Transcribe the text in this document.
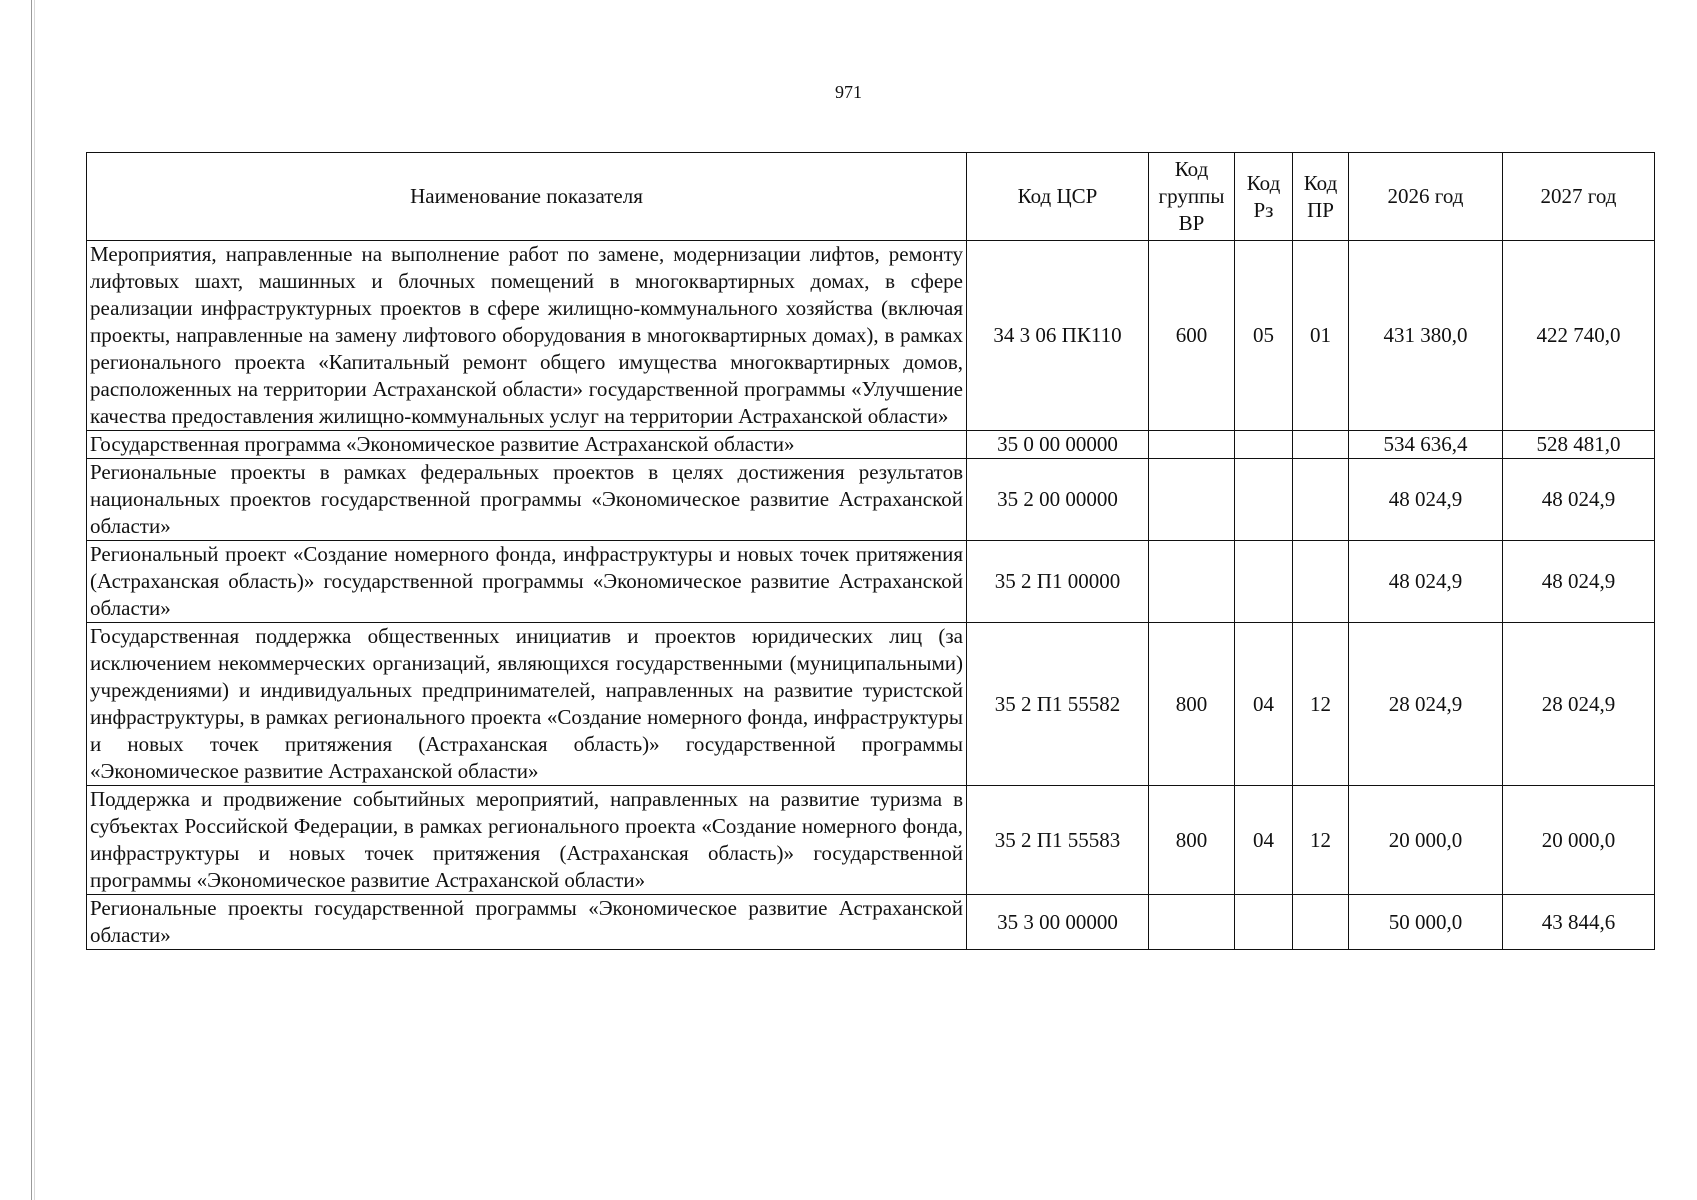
971
Наименование показателя	Код ЦСР	Код группы ВР	Код Рз	Код ПР	2026 год	2027 год
Мероприятия, направленные на выполнение работ по замене, модернизации лифтов, ремонту лифтовых шахт, машинных и блочных помещений в многоквартирных домах, в сфере реализации инфраструктурных проектов в сфере жилищно-коммунального хозяйства (включая проекты, направленные на замену лифтового оборудования в многоквартирных домах), в рамках регионального проекта «Капитальный ремонт общего имущества многоквартирных домов, расположенных на территории Астраханской области» государственной программы «Улучшение качества предоставления жилищно-коммунальных услуг на территории Астраханской области»	34 3 06 ПК110	600	05	01	431 380,0	422 740,0
Государственная программа «Экономическое развитие Астраханской области»	35 0 00 00000				534 636,4	528 481,0
Региональные проекты в рамках федеральных проектов в целях достижения результатов национальных проектов государственной программы «Экономическое развитие Астраханской области»	35 2 00 00000				48 024,9	48 024,9
Региональный проект «Создание номерного фонда, инфраструктуры и новых точек притяжения (Астраханская область)» государственной программы «Экономическое развитие Астраханской области»	35 2 П1 00000				48 024,9	48 024,9
Государственная поддержка общественных инициатив и проектов юридических лиц (за исключением некоммерческих организаций, являющихся государственными (муниципальными) учреждениями) и индивидуальных предпринимателей, направленных на развитие туристской инфраструктуры, в рамках регионального проекта «Создание номерного фонда, инфраструктуры и новых точек притяжения (Астраханская область)» государственной программы «Экономическое развитие Астраханской области»	35 2 П1 55582	800	04	12	28 024,9	28 024,9
Поддержка и продвижение событийных мероприятий, направленных на развитие туризма в субъектах Российской Федерации, в рамках регионального проекта «Создание номерного фонда, инфраструктуры и новых точек притяжения (Астраханская область)» государственной программы «Экономическое развитие Астраханской области»	35 2 П1 55583	800	04	12	20 000,0	20 000,0
Региональные проекты государственной программы «Экономическое развитие Астраханской области»	35 3 00 00000				50 000,0	43 844,6
